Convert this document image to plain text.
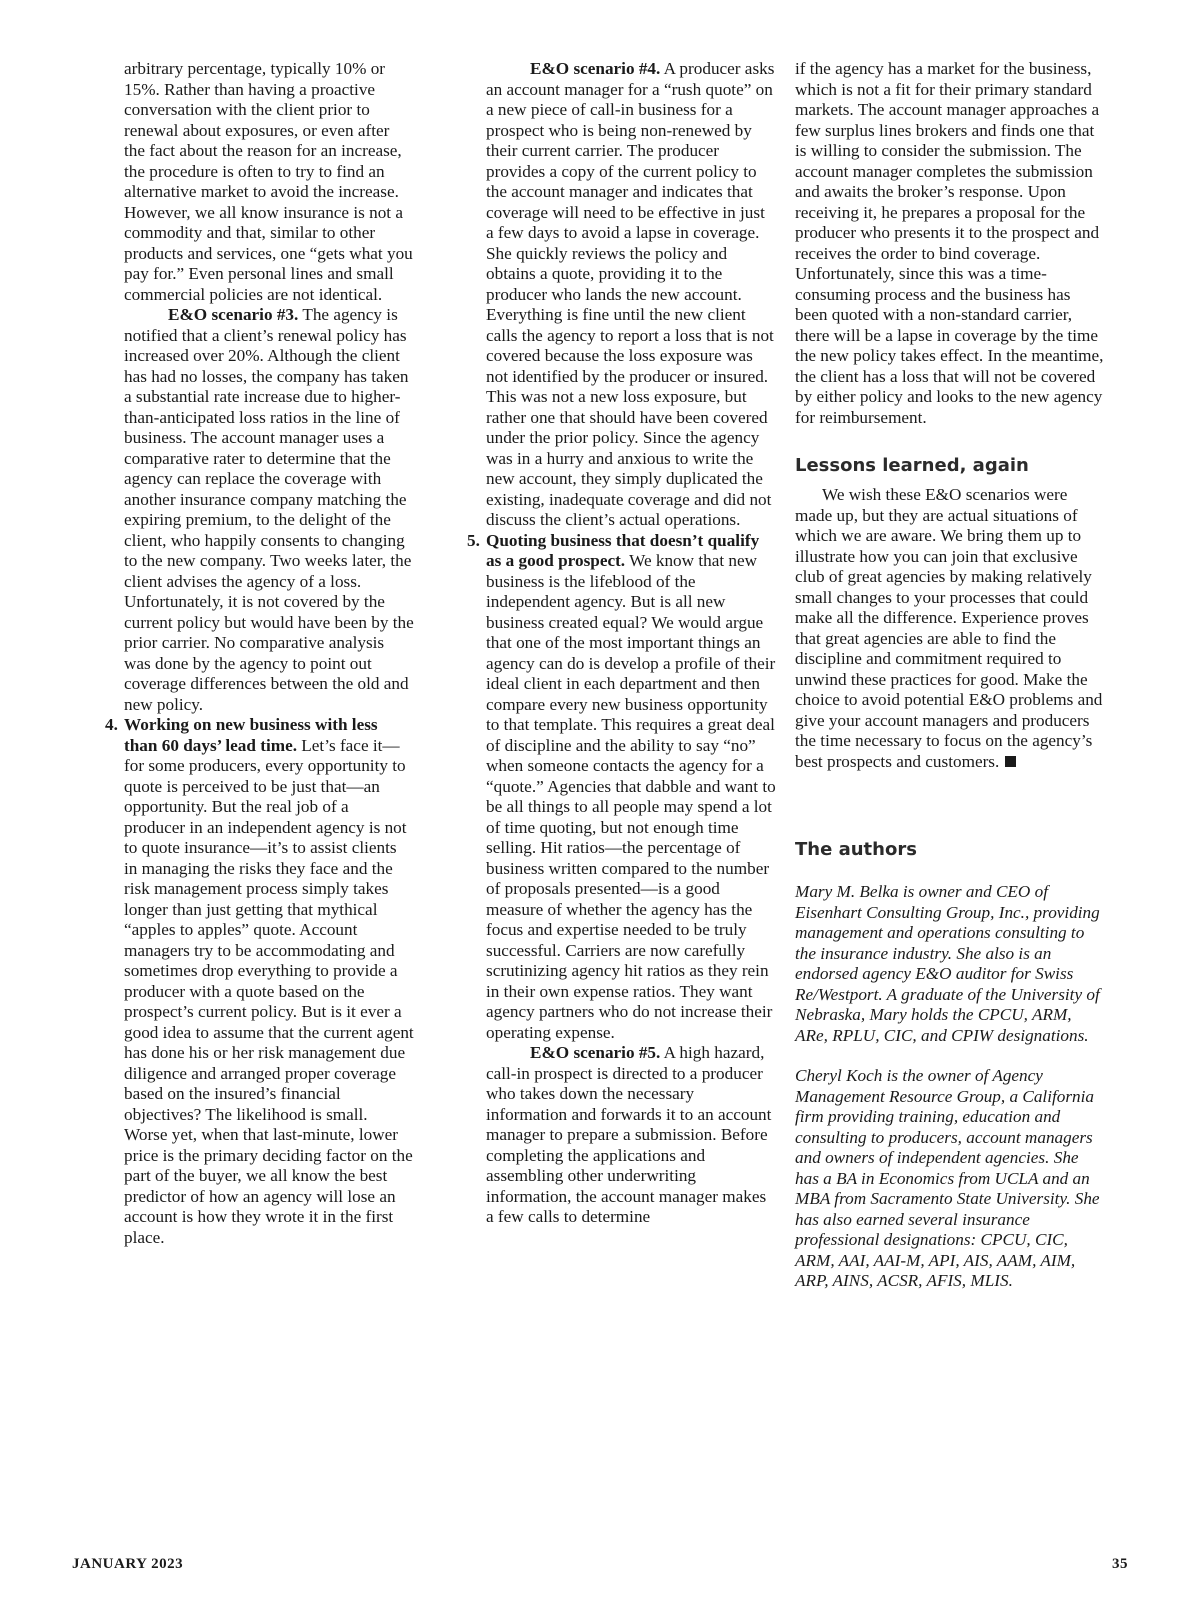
arbitrary percentage, typically 10% or 15%. Rather than having a proactive conversation with the client prior to renewal about exposures, or even after the fact about the reason for an increase, the procedure is often to try to find an alternative market to avoid the increase. However, we all know insurance is not a commodity and that, similar to other products and services, one “gets what you pay for.” Even personal lines and small commercial policies are not identical.

E&O scenario #3. The agency is notified that a client’s renewal policy has increased over 20%. Although the client has had no losses, the company has taken a substantial rate increase due to higher-than-anticipated loss ratios in the line of business. The account manager uses a comparative rater to determine that the agency can replace the coverage with another insurance company matching the expiring premium, to the delight of the client, who happily consents to changing to the new company. Two weeks later, the client advises the agency of a loss. Unfortunately, it is not covered by the current policy but would have been by the prior carrier. No comparative analysis was done by the agency to point out coverage differences between the old and new policy.

4. Working on new business with less than 60 days’ lead time. Let’s face it—for some producers, every opportunity to quote is perceived to be just that—an opportunity. But the real job of a producer in an independent agency is not to quote insurance—it’s to assist clients in managing the risks they face and the risk management process simply takes longer than just getting that mythical “apples to apples” quote. Account managers try to be accommodating and sometimes drop everything to provide a producer with a quote based on the prospect’s current policy. But is it ever a good idea to assume that the current agent has done his or her risk management due diligence and arranged proper coverage based on the insured’s financial objectives? The likelihood is small. Worse yet, when that last-minute, lower price is the primary deciding factor on the part of the buyer, we all know the best predictor of how an agency will lose an account is how they wrote it in the first place.

E&O scenario #4. A producer asks an account manager for a “rush quote” on a new piece of call-in business for a prospect who is being non-renewed by their current carrier. The producer provides a copy of the current policy to the account manager and indicates that coverage will need to be effective in just a few days to avoid a lapse in coverage. She quickly reviews the policy and obtains a quote, providing it to the producer who lands the new account. Everything is fine until the new client calls the agency to report a loss that is not covered because the loss exposure was not identified by the producer or insured. This was not a new loss exposure, but rather one that should have been covered under the prior policy. Since the agency was in a hurry and anxious to write the new account, they simply duplicated the existing, inadequate coverage and did not discuss the client’s actual operations.

5. Quoting business that doesn’t qualify as a good prospect. We know that new business is the lifeblood of the independent agency. But is all new business created equal? We would argue that one of the most important things an agency can do is develop a profile of their ideal client in each department and then compare every new business opportunity to that template. This requires a great deal of discipline and the ability to say “no” when someone contacts the agency for a “quote.” Agencies that dabble and want to be all things to all people may spend a lot of time quoting, but not enough time selling. Hit ratios—the percentage of business written compared to the number of proposals presented—is a good measure of whether the agency has the focus and expertise needed to be truly successful. Carriers are now carefully scrutinizing agency hit ratios as they rein in their own expense ratios. They want agency partners who do not increase their operating expense.

E&O scenario #5. A high hazard, call-in prospect is directed to a producer who takes down the necessary information and forwards it to an account manager to prepare a submission. Before completing the applications and assembling other underwriting information, the account manager makes a few calls to determine

if the agency has a market for the business, which is not a fit for their primary standard markets. The account manager approaches a few surplus lines brokers and finds one that is willing to consider the submission. The account manager completes the submission and awaits the broker’s response. Upon receiving it, he prepares a proposal for the producer who presents it to the prospect and receives the order to bind coverage. Unfortunately, since this was a time-consuming process and the business has been quoted with a non-standard carrier, there will be a lapse in coverage by the time the new policy takes effect. In the meantime, the client has a loss that will not be covered by either policy and looks to the new agency for reimbursement.

Lessons learned, again

We wish these E&O scenarios were made up, but they are actual situations of which we are aware. We bring them up to illustrate how you can join that exclusive club of great agencies by making relatively small changes to your processes that could make all the difference. Experience proves that great agencies are able to find the discipline and commitment required to unwind these practices for good. Make the choice to avoid potential E&O problems and give your account managers and producers the time necessary to focus on the agency’s best prospects and customers.

The authors

Mary M. Belka is owner and CEO of Eisenhart Consulting Group, Inc., providing management and operations consulting to the insurance industry. She also is an endorsed agency E&O auditor for Swiss Re/Westport. A graduate of the University of Nebraska, Mary holds the CPCU, ARM, ARe, RPLU, CIC, and CPIW designations.

Cheryl Koch is the owner of Agency Management Resource Group, a California firm providing training, education and consulting to producers, account managers and owners of independent agencies. She has a BA in Economics from UCLA and an MBA from Sacramento State University. She has also earned several insurance professional designations: CPCU, CIC, ARM, AAI, AAI-M, API, AIS, AAM, AIM, ARP, AINS, ACSR, AFIS, MLIS.

JANUARY 2023	35
